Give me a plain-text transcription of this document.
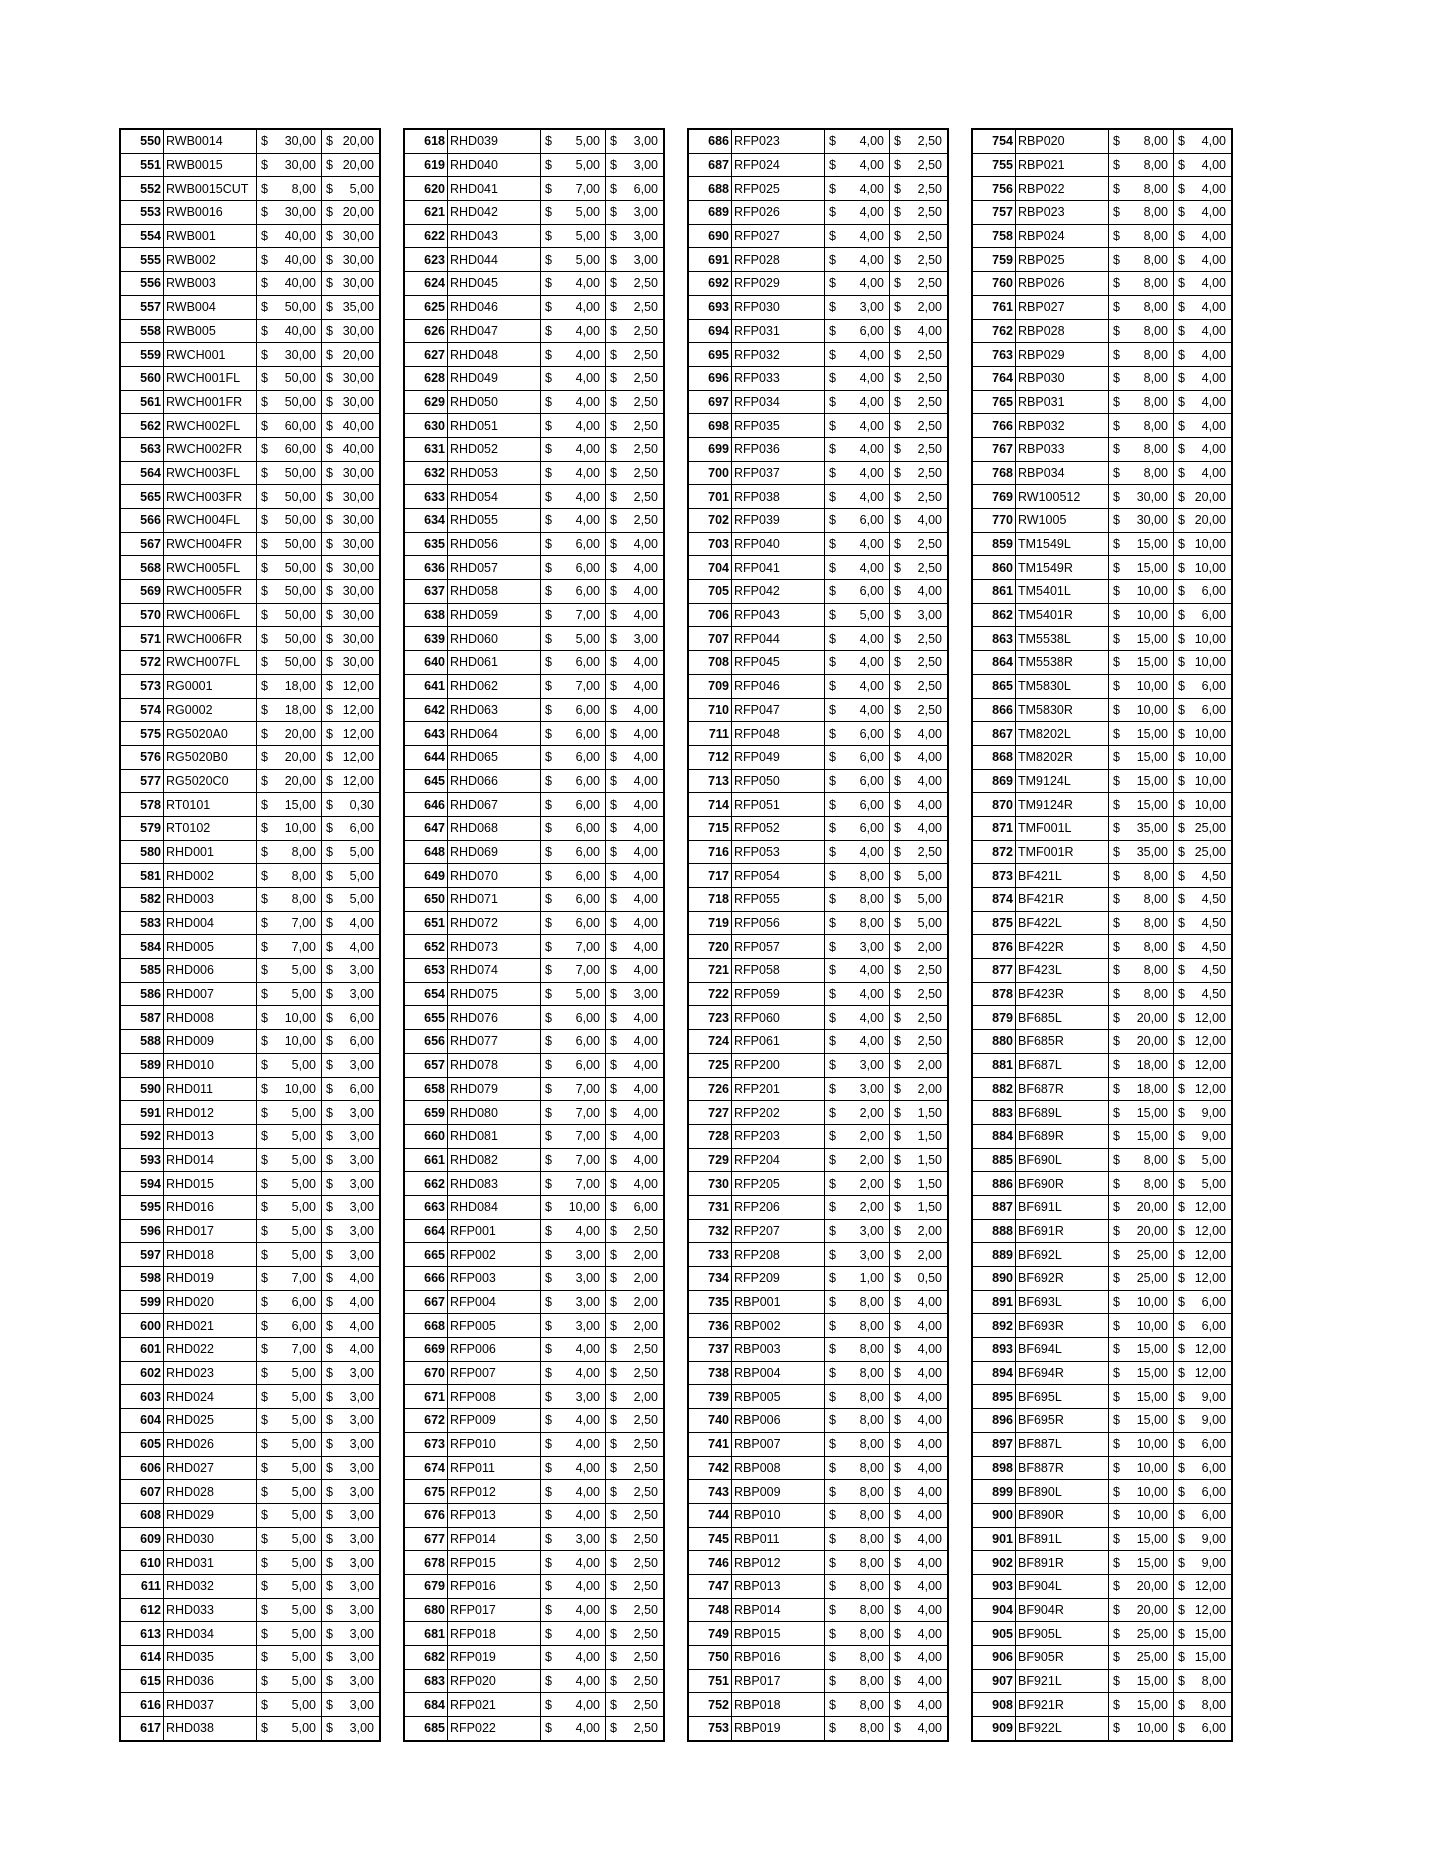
550	RWB0014	$ 30,00	$ 20,00

551	RWB0015	$ 30,00	$ 20,00

552	RWB0015CUT	$ 8,00	$ 5,00

553	RWB0016	$ 30,00	$ 20,00

554	RWB001	$ 40,00	$ 30,00

555	RWB002	$ 40,00	$ 30,00

556	RWB003	$ 40,00	$ 30,00

557	RWB004	$ 50,00	$ 35,00

558	RWB005	$ 40,00	$ 30,00

559	RWCH001	$ 30,00	$ 20,00

560	RWCH001FL	$ 50,00	$ 30,00

561	RWCH001FR	$ 50,00	$ 30,00

562	RWCH002FL	$ 60,00	$ 40,00

563	RWCH002FR	$ 60,00	$ 40,00

564	RWCH003FL	$ 50,00	$ 30,00

565	RWCH003FR	$ 50,00	$ 30,00

566	RWCH004FL	$ 50,00	$ 30,00

567	RWCH004FR	$ 50,00	$ 30,00

568	RWCH005FL	$ 50,00	$ 30,00

569	RWCH005FR	$ 50,00	$ 30,00

570	RWCH006FL	$ 50,00	$ 30,00

571	RWCH006FR	$ 50,00	$ 30,00

572	RWCH007FL	$ 50,00	$ 30,00

573	RG0001	$ 18,00	$ 12,00

574	RG0002	$ 18,00	$ 12,00

575	RG5020A0	$ 20,00	$ 12,00

576	RG5020B0	$ 20,00	$ 12,00

577	RG5020C0	$ 20,00	$ 12,00

578	RT0101	$ 15,00	$ 0,30

579	RT0102	$ 10,00	$ 6,00

580	RHD001	$ 8,00	$ 5,00

581	RHD002	$ 8,00	$ 5,00

582	RHD003	$ 8,00	$ 5,00

583	RHD004	$ 7,00	$ 4,00

584	RHD005	$ 7,00	$ 4,00

585	RHD006	$ 5,00	$ 3,00

586	RHD007	$ 5,00	$ 3,00

587	RHD008	$ 10,00	$ 6,00

588	RHD009	$ 10,00	$ 6,00

589	RHD010	$ 5,00	$ 3,00

590	RHD011	$ 10,00	$ 6,00

591	RHD012	$ 5,00	$ 3,00

592	RHD013	$ 5,00	$ 3,00

593	RHD014	$ 5,00	$ 3,00

594	RHD015	$ 5,00	$ 3,00

595	RHD016	$ 5,00	$ 3,00

596	RHD017	$ 5,00	$ 3,00

597	RHD018	$ 5,00	$ 3,00

598	RHD019	$ 7,00	$ 4,00

599	RHD020	$ 6,00	$ 4,00

600	RHD021	$ 6,00	$ 4,00

601	RHD022	$ 7,00	$ 4,00

602	RHD023	$ 5,00	$ 3,00

603	RHD024	$ 5,00	$ 3,00

604	RHD025	$ 5,00	$ 3,00

605	RHD026	$ 5,00	$ 3,00

606	RHD027	$ 5,00	$ 3,00

607	RHD028	$ 5,00	$ 3,00

608	RHD029	$ 5,00	$ 3,00

609	RHD030	$ 5,00	$ 3,00

610	RHD031	$ 5,00	$ 3,00

611	RHD032	$ 5,00	$ 3,00

612	RHD033	$ 5,00	$ 3,00

613	RHD034	$ 5,00	$ 3,00

614	RHD035	$ 5,00	$ 3,00

615	RHD036	$ 5,00	$ 3,00

616	RHD037	$ 5,00	$ 3,00

617	RHD038	$ 5,00	$ 3,00
618	RHD039	$ 5,00	$ 3,00

619	RHD040	$ 5,00	$ 3,00

620	RHD041	$ 7,00	$ 6,00

621	RHD042	$ 5,00	$ 3,00

622	RHD043	$ 5,00	$ 3,00

623	RHD044	$ 5,00	$ 3,00

624	RHD045	$ 4,00	$ 2,50

625	RHD046	$ 4,00	$ 2,50

626	RHD047	$ 4,00	$ 2,50

627	RHD048	$ 4,00	$ 2,50

628	RHD049	$ 4,00	$ 2,50

629	RHD050	$ 4,00	$ 2,50

630	RHD051	$ 4,00	$ 2,50

631	RHD052	$ 4,00	$ 2,50

632	RHD053	$ 4,00	$ 2,50

633	RHD054	$ 4,00	$ 2,50

634	RHD055	$ 4,00	$ 2,50

635	RHD056	$ 6,00	$ 4,00

636	RHD057	$ 6,00	$ 4,00

637	RHD058	$ 6,00	$ 4,00

638	RHD059	$ 7,00	$ 4,00

639	RHD060	$ 5,00	$ 3,00

640	RHD061	$ 6,00	$ 4,00

641	RHD062	$ 7,00	$ 4,00

642	RHD063	$ 6,00	$ 4,00

643	RHD064	$ 6,00	$ 4,00

644	RHD065	$ 6,00	$ 4,00

645	RHD066	$ 6,00	$ 4,00

646	RHD067	$ 6,00	$ 4,00

647	RHD068	$ 6,00	$ 4,00

648	RHD069	$ 6,00	$ 4,00

649	RHD070	$ 6,00	$ 4,00

650	RHD071	$ 6,00	$ 4,00

651	RHD072	$ 6,00	$ 4,00

652	RHD073	$ 7,00	$ 4,00

653	RHD074	$ 7,00	$ 4,00

654	RHD075	$ 5,00	$ 3,00

655	RHD076	$ 6,00	$ 4,00

656	RHD077	$ 6,00	$ 4,00

657	RHD078	$ 6,00	$ 4,00

658	RHD079	$ 7,00	$ 4,00

659	RHD080	$ 7,00	$ 4,00

660	RHD081	$ 7,00	$ 4,00

661	RHD082	$ 7,00	$ 4,00

662	RHD083	$ 7,00	$ 4,00

663	RHD084	$ 10,00	$ 6,00

664	RFP001	$ 4,00	$ 2,50

665	RFP002	$ 3,00	$ 2,00

666	RFP003	$ 3,00	$ 2,00

667	RFP004	$ 3,00	$ 2,00

668	RFP005	$ 3,00	$ 2,00

669	RFP006	$ 4,00	$ 2,50

670	RFP007	$ 4,00	$ 2,50

671	RFP008	$ 3,00	$ 2,00

672	RFP009	$ 4,00	$ 2,50

673	RFP010	$ 4,00	$ 2,50

674	RFP011	$ 4,00	$ 2,50

675	RFP012	$ 4,00	$ 2,50

676	RFP013	$ 4,00	$ 2,50

677	RFP014	$ 3,00	$ 2,50

678	RFP015	$ 4,00	$ 2,50

679	RFP016	$ 4,00	$ 2,50

680	RFP017	$ 4,00	$ 2,50

681	RFP018	$ 4,00	$ 2,50

682	RFP019	$ 4,00	$ 2,50

683	RFP020	$ 4,00	$ 2,50

684	RFP021	$ 4,00	$ 2,50

685	RFP022	$ 4,00	$ 2,50
686	RFP023	$ 4,00	$ 2,50

687	RFP024	$ 4,00	$ 2,50

688	RFP025	$ 4,00	$ 2,50

689	RFP026	$ 4,00	$ 2,50

690	RFP027	$ 4,00	$ 2,50

691	RFP028	$ 4,00	$ 2,50

692	RFP029	$ 4,00	$ 2,50

693	RFP030	$ 3,00	$ 2,00

694	RFP031	$ 6,00	$ 4,00

695	RFP032	$ 4,00	$ 2,50

696	RFP033	$ 4,00	$ 2,50

697	RFP034	$ 4,00	$ 2,50

698	RFP035	$ 4,00	$ 2,50

699	RFP036	$ 4,00	$ 2,50

700	RFP037	$ 4,00	$ 2,50

701	RFP038	$ 4,00	$ 2,50

702	RFP039	$ 6,00	$ 4,00

703	RFP040	$ 4,00	$ 2,50

704	RFP041	$ 4,00	$ 2,50

705	RFP042	$ 6,00	$ 4,00

706	RFP043	$ 5,00	$ 3,00

707	RFP044	$ 4,00	$ 2,50

708	RFP045	$ 4,00	$ 2,50

709	RFP046	$ 4,00	$ 2,50

710	RFP047	$ 4,00	$ 2,50

711	RFP048	$ 6,00	$ 4,00

712	RFP049	$ 6,00	$ 4,00

713	RFP050	$ 6,00	$ 4,00

714	RFP051	$ 6,00	$ 4,00

715	RFP052	$ 6,00	$ 4,00

716	RFP053	$ 4,00	$ 2,50

717	RFP054	$ 8,00	$ 5,00

718	RFP055	$ 8,00	$ 5,00

719	RFP056	$ 8,00	$ 5,00

720	RFP057	$ 3,00	$ 2,00

721	RFP058	$ 4,00	$ 2,50

722	RFP059	$ 4,00	$ 2,50

723	RFP060	$ 4,00	$ 2,50

724	RFP061	$ 4,00	$ 2,50

725	RFP200	$ 3,00	$ 2,00

726	RFP201	$ 3,00	$ 2,00

727	RFP202	$ 2,00	$ 1,50

728	RFP203	$ 2,00	$ 1,50

729	RFP204	$ 2,00	$ 1,50

730	RFP205	$ 2,00	$ 1,50

731	RFP206	$ 2,00	$ 1,50

732	RFP207	$ 3,00	$ 2,00

733	RFP208	$ 3,00	$ 2,00

734	RFP209	$ 1,00	$ 0,50

735	RBP001	$ 8,00	$ 4,00

736	RBP002	$ 8,00	$ 4,00

737	RBP003	$ 8,00	$ 4,00

738	RBP004	$ 8,00	$ 4,00

739	RBP005	$ 8,00	$ 4,00

740	RBP006	$ 8,00	$ 4,00

741	RBP007	$ 8,00	$ 4,00

742	RBP008	$ 8,00	$ 4,00

743	RBP009	$ 8,00	$ 4,00

744	RBP010	$ 8,00	$ 4,00

745	RBP011	$ 8,00	$ 4,00

746	RBP012	$ 8,00	$ 4,00

747	RBP013	$ 8,00	$ 4,00

748	RBP014	$ 8,00	$ 4,00

749	RBP015	$ 8,00	$ 4,00

750	RBP016	$ 8,00	$ 4,00

751	RBP017	$ 8,00	$ 4,00

752	RBP018	$ 8,00	$ 4,00

753	RBP019	$ 8,00	$ 4,00
754	RBP020	$ 8,00	$ 4,00

755	RBP021	$ 8,00	$ 4,00

756	RBP022	$ 8,00	$ 4,00

757	RBP023	$ 8,00	$ 4,00

758	RBP024	$ 8,00	$ 4,00

759	RBP025	$ 8,00	$ 4,00

760	RBP026	$ 8,00	$ 4,00

761	RBP027	$ 8,00	$ 4,00

762	RBP028	$ 8,00	$ 4,00

763	RBP029	$ 8,00	$ 4,00

764	RBP030	$ 8,00	$ 4,00

765	RBP031	$ 8,00	$ 4,00

766	RBP032	$ 8,00	$ 4,00

767	RBP033	$ 8,00	$ 4,00

768	RBP034	$ 8,00	$ 4,00

769	RW100512	$ 30,00	$ 20,00

770	RW1005	$ 30,00	$ 20,00

859	TM1549L	$ 15,00	$ 10,00

860	TM1549R	$ 15,00	$ 10,00

861	TM5401L	$ 10,00	$ 6,00

862	TM5401R	$ 10,00	$ 6,00

863	TM5538L	$ 15,00	$ 10,00

864	TM5538R	$ 15,00	$ 10,00

865	TM5830L	$ 10,00	$ 6,00

866	TM5830R	$ 10,00	$ 6,00

867	TM8202L	$ 15,00	$ 10,00

868	TM8202R	$ 15,00	$ 10,00

869	TM9124L	$ 15,00	$ 10,00

870	TM9124R	$ 15,00	$ 10,00

871	TMF001L	$ 35,00	$ 25,00

872	TMF001R	$ 35,00	$ 25,00

873	BF421L	$ 8,00	$ 4,50

874	BF421R	$ 8,00	$ 4,50

875	BF422L	$ 8,00	$ 4,50

876	BF422R	$ 8,00	$ 4,50

877	BF423L	$ 8,00	$ 4,50

878	BF423R	$ 8,00	$ 4,50

879	BF685L	$ 20,00	$ 12,00

880	BF685R	$ 20,00	$ 12,00

881	BF687L	$ 18,00	$ 12,00

882	BF687R	$ 18,00	$ 12,00

883	BF689L	$ 15,00	$ 9,00

884	BF689R	$ 15,00	$ 9,00

885	BF690L	$ 8,00	$ 5,00

886	BF690R	$ 8,00	$ 5,00

887	BF691L	$ 20,00	$ 12,00

888	BF691R	$ 20,00	$ 12,00

889	BF692L	$ 25,00	$ 12,00

890	BF692R	$ 25,00	$ 12,00

891	BF693L	$ 10,00	$ 6,00

892	BF693R	$ 10,00	$ 6,00

893	BF694L	$ 15,00	$ 12,00

894	BF694R	$ 15,00	$ 12,00

895	BF695L	$ 15,00	$ 9,00

896	BF695R	$ 15,00	$ 9,00

897	BF887L	$ 10,00	$ 6,00

898	BF887R	$ 10,00	$ 6,00

899	BF890L	$ 10,00	$ 6,00

900	BF890R	$ 10,00	$ 6,00

901	BF891L	$ 15,00	$ 9,00

902	BF891R	$ 15,00	$ 9,00

903	BF904L	$ 20,00	$ 12,00

904	BF904R	$ 20,00	$ 12,00

905	BF905L	$ 25,00	$ 15,00

906	BF905R	$ 25,00	$ 15,00

907	BF921L	$ 15,00	$ 8,00

908	BF921R	$ 15,00	$ 8,00

909	BF922L	$ 10,00	$ 6,00
